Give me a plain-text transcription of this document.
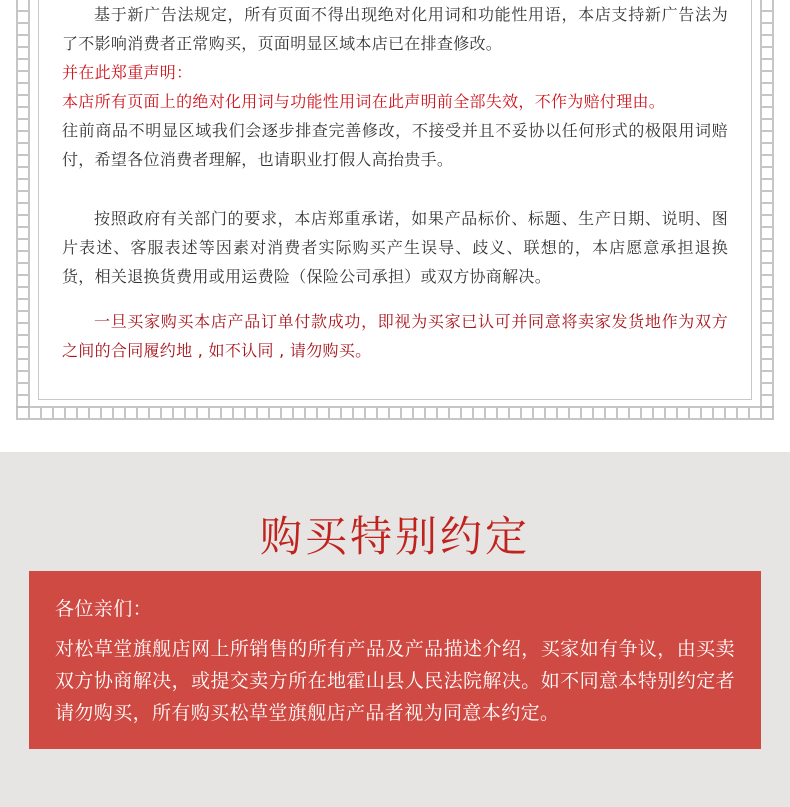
基于新广告法规定，所有页面不得出现绝对化用词和功能性用语，本店支持新广告法为了不影响消费者正常购买，页面明显区域本店已在排查修改。

并在此郑重声明：

本店所有页面上的绝对化用词与功能性用词在此声明前全部失效，不作为赔付理由。

往前商品不明显区域我们会逐步排查完善修改，不接受并且不妥协以任何形式的极限用词赔付，希望各位消费者理解，也请职业打假人高抬贵手。

按照政府有关部门的要求，本店郑重承诺，如果产品标价、标题、生产日期、说明、图片表述、客服表述等因素对消费者实际购买产生误导、歧义、联想的，本店愿意承担退换货，相关退换货费用或用运费险（保险公司承担）或双方协商解决。

一旦买家购买本店产品订单付款成功，即视为买家已认可并同意将卖家发货地作为双方之间的合同履约地 , 如不认同 , 请勿购买。

购买特别约定

各位亲们：

对松草堂旗舰店网上所销售的所有产品及产品描述介绍，买家如有争议，由买卖双方协商解决，或提交卖方所在地霍山县人民法院解决。如不同意本特别约定者请勿购买，所有购买松草堂旗舰店产品者视为同意本约定。
